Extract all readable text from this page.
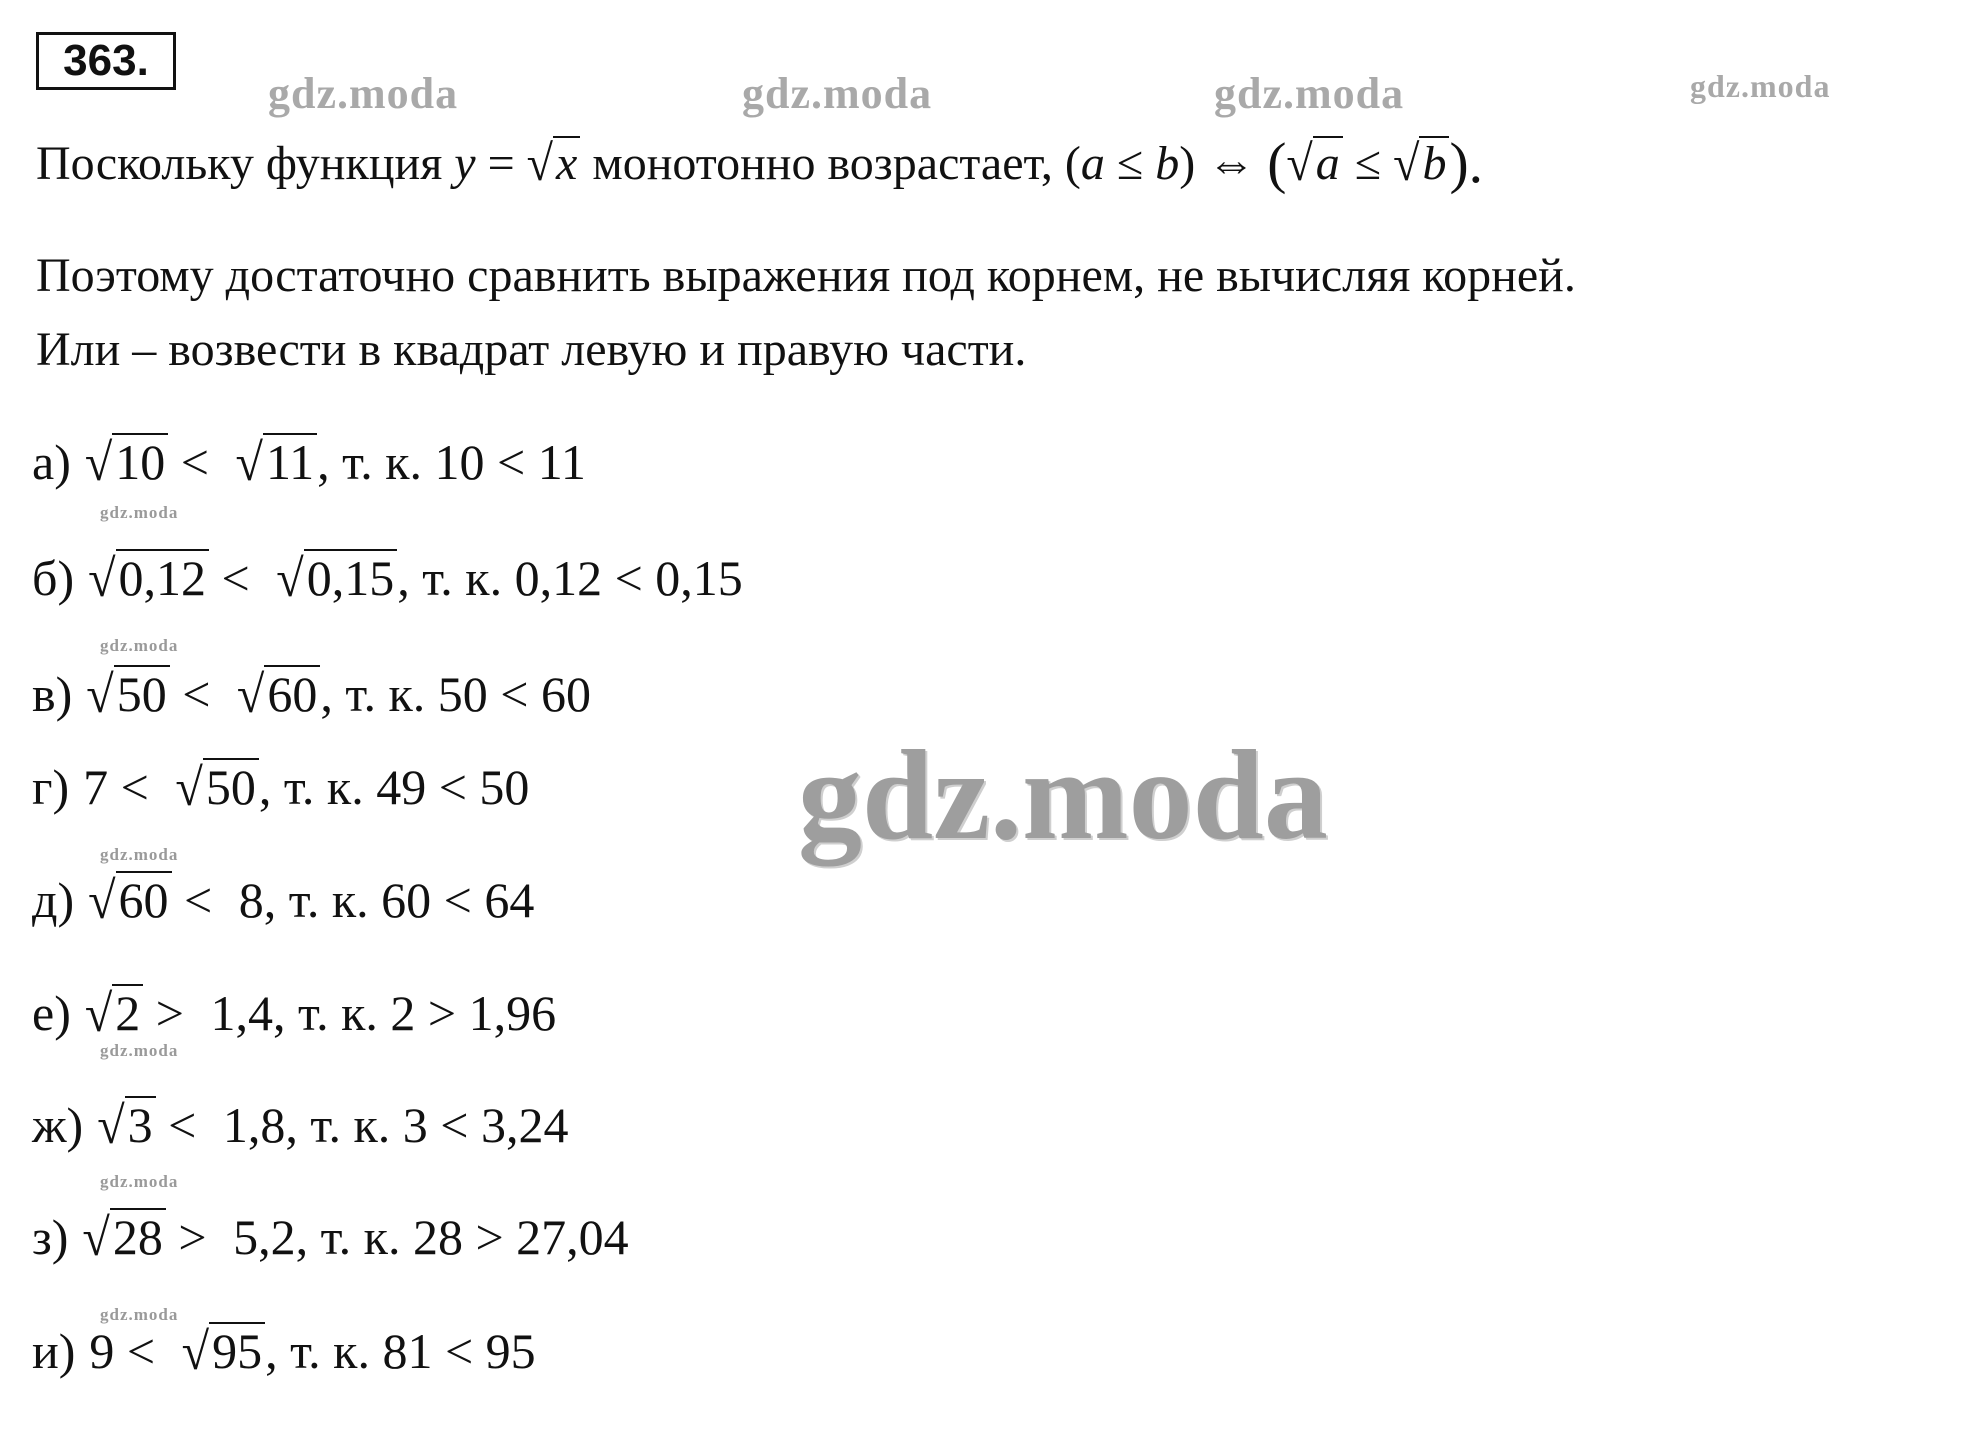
363.
gdz.moda	gdz.moda	gdz.moda	gdz.moda
gdz.moda
gdz.moda
gdz.moda
gdz.moda
gdz.moda
gdz.moda
gdz.moda
Поскольку функция y = √x монотонно возрастает, (a ≤ b) ⇔ (√a ≤ √b).
Поэтому достаточно сравнить выражения под корнем, не вычисляя корней.
Или – возвести в квадрат левую и правую части.
а) √10 < √11, т. к. 10 < 11
б) √0,12 < √0,15, т. к. 0,12 < 0,15
в) √50 < √60, т. к. 50 < 60
г) 7 < √50, т. к. 49 < 50
д) √60 < 8, т. к. 60 < 64
е) √2 > 1,4, т. к. 2 > 1,96
ж) √3 < 1,8, т. к. 3 < 3,24
з) √28 > 5,2, т. к. 28 > 27,04
и) 9 < √95, т. к. 81 < 95
